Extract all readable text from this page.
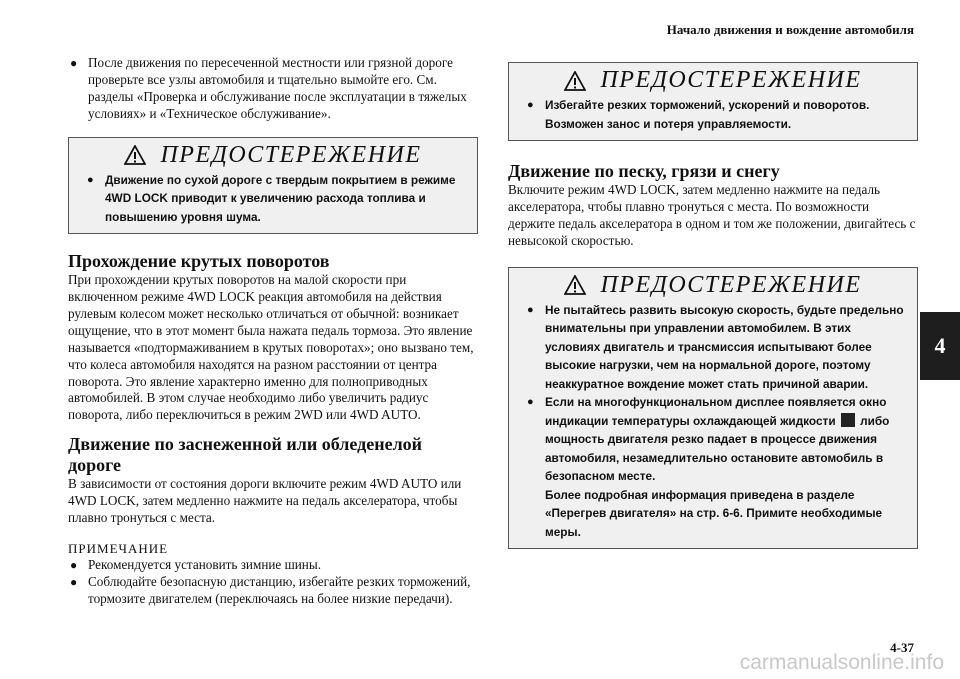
Начало движения и вождение автомобиля
4
● После движения по пересеченной местности или грязной дороге проверьте все узлы автомобиля и тщательно вымойте его. См. разделы «Проверка и обслуживание после эксплуатации в тяжелых условиях» и «Техническое обслуживание».
ПРЕДОСТЕРЕЖЕНИЕ
● Движение по сухой дороге с твердым покрытием в режиме 4WD LOCK приводит к увеличению расхода топлива и повышению уровня шума.
Прохождение крутых поворотов
При прохождении крутых поворотов на малой скорости при включенном режиме 4WD LOCK реакция автомобиля на действия рулевым колесом может несколько отличаться от обычной: возникает ощущение, что в этот момент была нажата педаль тормоза. Это явление называется «подтормаживанием в крутых поворотах»; оно вызвано тем, что колеса автомобиля находятся на разном расстоянии от центра поворота. Это явление характерно именно для полноприводных автомобилей. В этом случае необходимо либо увеличить радиус поворота, либо переключиться в режим 2WD или 4WD AUTO.
Движение по заснеженной или обледенелой дороге
В зависимости от состояния дороги включите режим 4WD AUTO или 4WD LOCK, затем медленно нажмите на педаль акселератора, чтобы плавно тронуться с места.
ПРИМЕЧАНИЕ
● Рекомендуется установить зимние шины.
● Соблюдайте безопасную дистанцию, избегайте резких торможений, тормозите двигателем (переключаясь на более низкие передачи).
ПРЕДОСТЕРЕЖЕНИЕ
● Избегайте резких торможений, ускорений и поворотов. Возможен занос и потеря управляемости.
Движение по песку, грязи и снегу
Включите режим 4WD LOCK, затем медленно нажмите на педаль акселератора, чтобы плавно тронуться с места. По возможности держите педаль акселератора в одном и том же положении, двигайтесь с невысокой скоростью.
ПРЕДОСТЕРЕЖЕНИЕ
● Не пытайтесь развить высокую скорость, будьте предельно внимательны при управлении автомобилем. В этих условиях двигатель и трансмиссия испытывают более высокие нагрузки, чем на нормальной дороге, поэтому неаккуратное вождение может стать причиной аварии.
● Если на многофункциональном дисплее появляется окно индикации температуры охлаждающей жидкости либо мощность двигателя резко падает в процессе движения автомобиля, незамедлительно остановите автомобиль в безопасном месте.
Более подробная информация приведена в разделе «Перегрев двигателя» на стр. 6-6. Примите необходимые меры.
4-37
carmanualsonline.info
